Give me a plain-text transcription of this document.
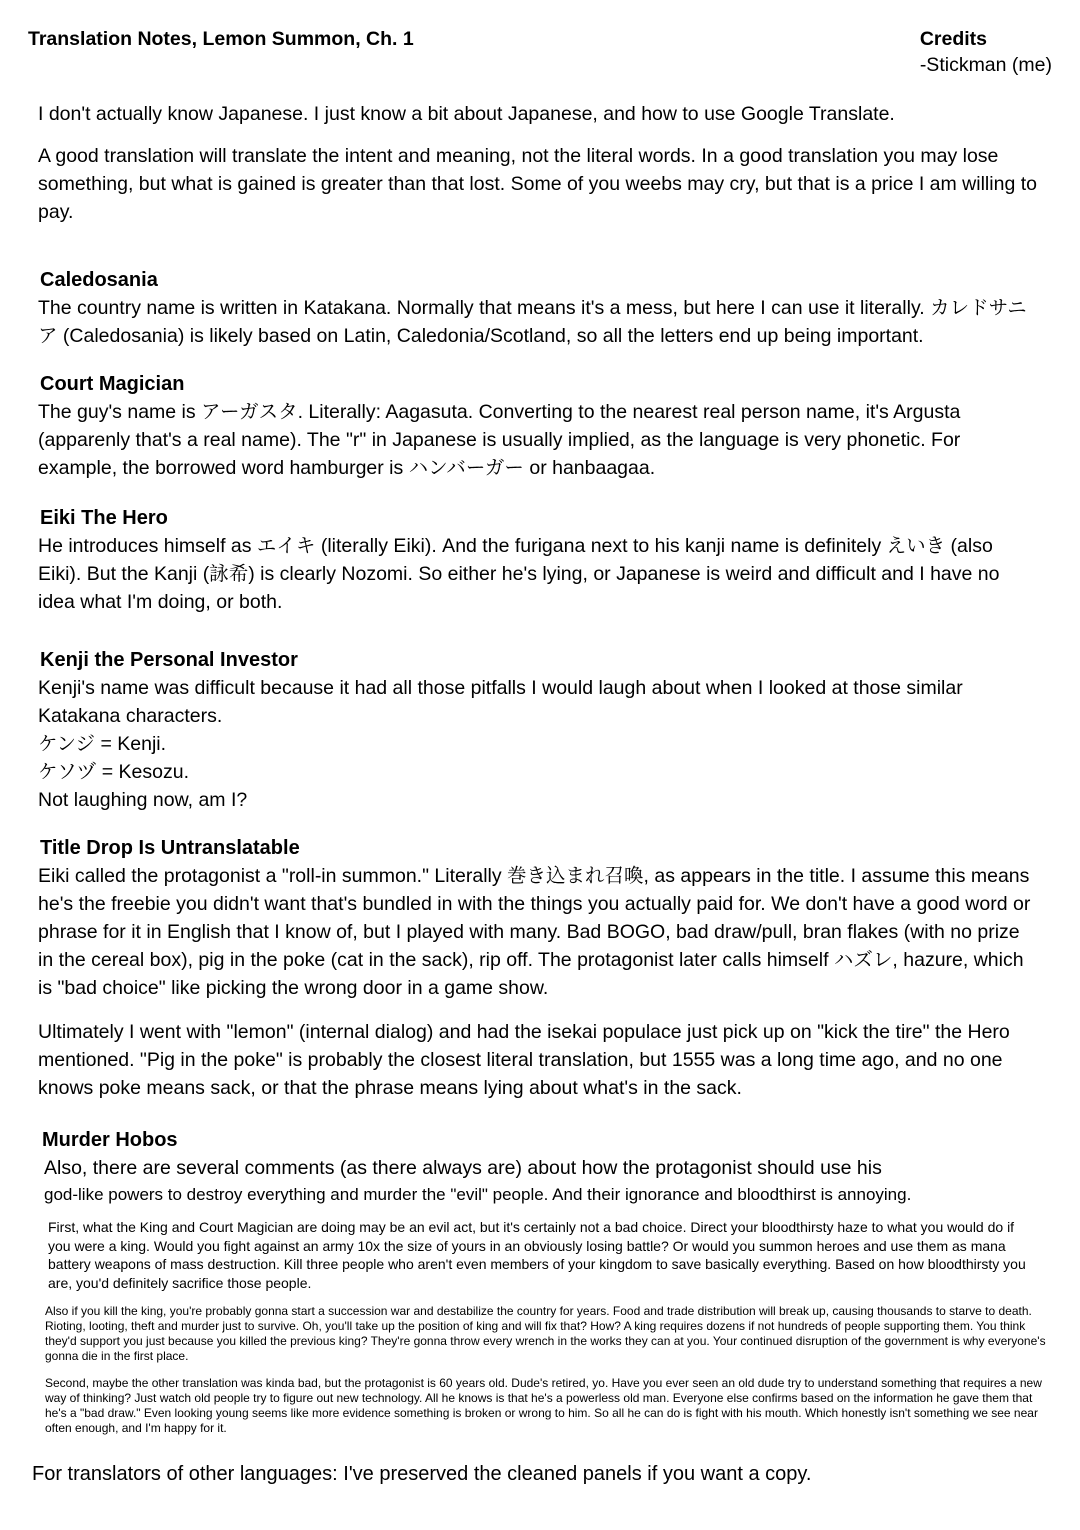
Translation Notes, Lemon Summon, Ch. 1	Credits
-Stickman (me)

I don't actually know Japanese. I just know a bit about Japanese, and how to use Google Translate.

A good translation will translate the intent and meaning, not the literal words. In a good translation you may lose something, but what is gained is greater than that lost. Some of you weebs may cry, but that is a price I am willing to pay.

Caledosania

The country name is written in Katakana. Normally that means it's a mess, but here I can use it literally. カレドサニア (Caledosania) is likely based on Latin, Caledonia/Scotland, so all the letters end up being important.

Court Magician

The guy's name is アーガスタ. Literally: Aagasuta. Converting to the nearest real person name, it's Argusta (apparenly that's a real name). The "r" in Japanese is usually implied, as the language is very phonetic. For example, the borrowed word hamburger is ハンバーガー or hanbaagaa.

Eiki The Hero

He introduces himself as エイキ (literally Eiki). And the furigana next to his kanji name is definitely えいき (also Eiki). But the Kanji (詠希) is clearly Nozomi. So either he's lying, or Japanese is weird and difficult and I have no idea what I'm doing, or both.

Kenji the Personal Investor

Kenji's name was difficult because it had all those pitfalls I would laugh about when I looked at those similar Katakana characters.

ケンジ = Kenji.
ケソヅ = Kesozu.
Not laughing now, am I?
Title Drop Is Untranslatable

Eiki called the protagonist a "roll-in summon." Literally 巻き込まれ召喚, as appears in the title. I assume this means he's the freebie you didn't want that's bundled in with the things you actually paid for. We don't have a good word or phrase for it in English that I know of, but I played with many. Bad BOGO, bad draw/pull, bran flakes (with no prize in the cereal box), pig in the poke (cat in the sack), rip off. The protagonist later calls himself ハズレ, hazure, which is "bad choice" like picking the wrong door in a game show.

Ultimately I went with "lemon" (internal dialog) and had the isekai populace just pick up on "kick the tire" the Hero mentioned. "Pig in the poke" is probably the closest literal translation, but 1555 was a long time ago, and no one knows poke means sack, or that the phrase means lying about what's in the sack.

Murder Hobos

Also, there are several comments (as there always are) about how the protagonist should use his

god-like powers to destroy everything and murder the "evil" people. And their ignorance and bloodthirst is annoying.

First, what the King and Court Magician are doing may be an evil act, but it's certainly not a bad choice. Direct your bloodthirsty haze to what you would do if you were a king. Would you fight against an army 10x the size of yours in an obviously losing battle? Or would you summon heroes and use them as mana battery weapons of mass destruction. Kill three people who aren't even members of your kingdom to save basically everything. Based on how bloodthirsty you are, you'd definitely sacrifice those people.

Also if you kill the king, you're probably gonna start a succession war and destabilize the country for years. Food and trade distribution will break up, causing thousands to starve to death. Rioting, looting, theft and murder just to survive. Oh, you'll take up the position of king and will fix that? How? A king requires dozens if not hundreds of people supporting them. You think they'd support you just because you killed the previous king? They're gonna throw every wrench in the works they can at you. Your continued disruption of the government is why everyone's gonna die in the first place.

Second, maybe the other translation was kinda bad, but the protagonist is 60 years old. Dude's retired, yo. Have you ever seen an old dude try to understand something that requires a new way of thinking? Just watch old people try to figure out new technology. All he knows is that he's a powerless old man. Everyone else confirms based on the information he gave them that he's a "bad draw." Even looking young seems like more evidence something is broken or wrong to him. So all he can do is fight with his mouth. Which honestly isn't something we see near often enough, and I'm happy for it.

For translators of other languages: I've preserved the cleaned panels if you want a copy.
